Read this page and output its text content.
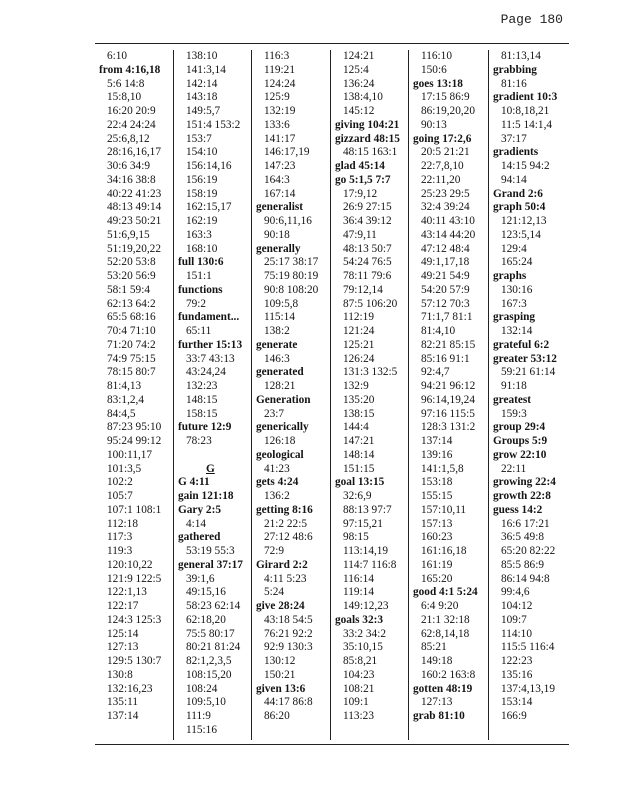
Page 180
6:10
from 4:16,18
5:6 14:8
15:8,10
16:20 20:9
22:4 24:24
25:6,8,12
28:16,16,17
30:6 34:9
34:16 38:8
40:22 41:23
48:13 49:14
49:23 50:21
51:6,9,15
51:19,20,22
52:20 53:8
53:20 56:9
58:1 59:4
62:13 64:2
65:5 68:16
70:4 71:10
71:20 74:2
74:9 75:15
78:15 80:7
81:4,13
83:1,2,4
84:4,5
87:23 95:10
95:24 99:12
100:11,17
101:3,5
102:2
105:7
107:1 108:1
112:18
117:3
119:3
120:10,22
121:9 122:5
122:1,13
122:17
124:3 125:3
125:14
127:13
129:5 130:7
130:8
132:16,23
135:11
137:14
138:10
141:3,14
142:14
143:18
149:5,7
151:4 153:2
153:7
154:10
156:14,16
156:19
158:19
162:15,17
162:19
163:3
168:10
full 130:6
151:1
functions
79:2
fundament...
65:11
further 15:13
33:7 43:13
43:24,24
132:23
148:15
158:15
future 12:9
78:23
G
G 4:11
gain 121:18
Gary 2:5
4:14
gathered
53:19 55:3
general 37:17
39:1,6
49:15,16
58:23 62:14
62:18,20
75:5 80:17
80:21 81:24
82:1,2,3,5
108:15,20
108:24
109:5,10
111:9
115:16
116:3
119:21
124:24
125:9
132:19
133:6
141:17
146:17,19
147:23
164:3
167:14
generalist
90:6,11,16
90:18
generally
25:17 38:17
75:19 80:19
90:8 108:20
109:5,8
115:14
138:2
generate
146:3
generated
128:21
Generation
23:7
generically
126:18
geological
41:23
gets 4:24
136:2
getting 8:16
21:2 22:5
27:12 48:6
72:9
Girard 2:2
4:11 5:23
5:24
give 28:24
43:18 54:5
76:21 92:2
92:9 130:3
130:12
150:21
given 13:6
44:17 86:8
86:20
124:21
125:4
136:24
138:4,10
145:12
giving 104:21
gizzard 48:15
48:15 163:1
glad 45:14
go 5:1,5 7:7
17:9,12
26:9 27:15
36:4 39:12
47:9,11
48:13 50:7
54:24 76:5
78:11 79:6
79:12,14
87:5 106:20
112:19
121:24
125:21
126:24
131:3 132:5
132:9
135:20
138:15
144:4
147:21
148:14
151:15
goal 13:15
32:6,9
88:13 97:7
97:15,21
98:15
113:14,19
114:7 116:8
116:14
119:14
149:12,23
goals 32:3
33:2 34:2
35:10,15
85:8,21
104:23
108:21
109:1
113:23
116:10
150:6
goes 13:18
17:15 86:9
86:19,20,20
90:13
going 17:2,6
20:5 21:21
22:7,8,10
22:11,20
25:23 29:5
32:4 39:24
40:11 43:10
43:14 44:20
47:12 48:4
49:1,17,18
49:21 54:9
54:20 57:9
57:12 70:3
71:1,7 81:1
81:4,10
82:21 85:15
85:16 91:1
92:4,7
94:21 96:12
96:14,19,24
97:16 115:5
128:3 131:2
137:14
139:16
141:1,5,8
153:18
155:15
157:10,11
157:13
160:23
161:16,18
161:19
165:20
good 4:1 5:24
6:4 9:20
21:1 32:18
62:8,14,18
85:21
149:18
160:2 163:8
gotten 48:19
127:13
grab 81:10
81:13,14
grabbing
81:16
gradient 10:3
10:8,18,21
11:5 14:1,4
37:17
gradients
14:15 94:2
94:14
Grand 2:6
graph 50:4
121:12,13
123:5,14
129:4
165:24
graphs
130:16
167:3
grasping
132:14
grateful 6:2
greater 53:12
59:21 61:14
91:18
greatest
159:3
group 29:4
Groups 5:9
grow 22:10
22:11
growing 22:4
growth 22:8
guess 14:2
16:6 17:21
36:5 49:8
65:20 82:22
85:5 86:9
86:14 94:8
99:4,6
104:12
109:7
114:10
115:5 116:4
122:23
135:16
137:4,13,19
153:14
166:9
